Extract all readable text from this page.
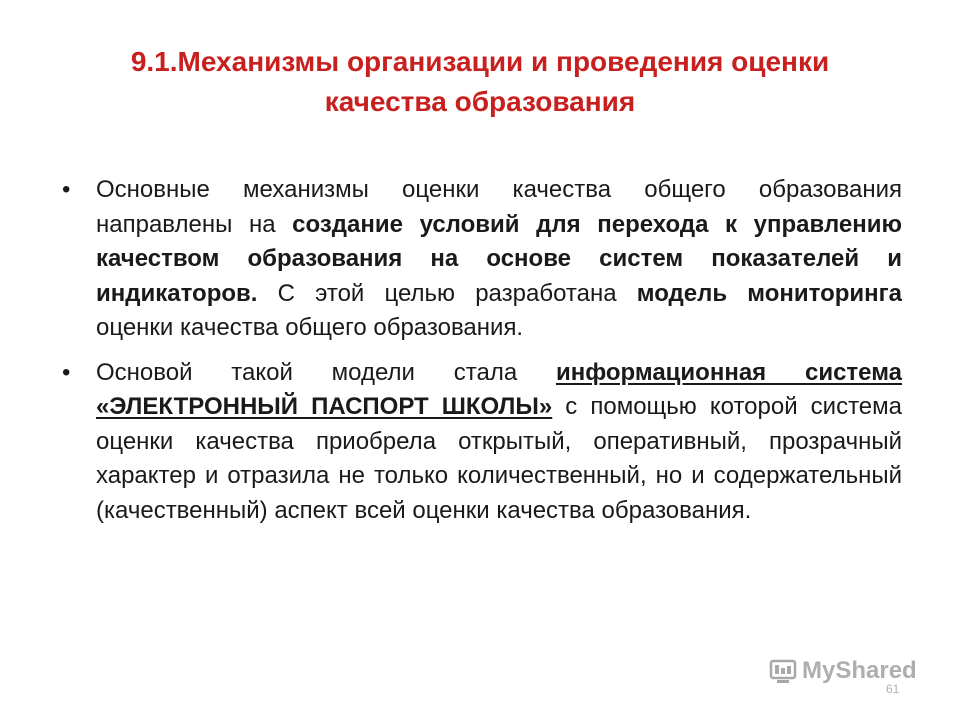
9.1.Механизмы организации и проведения оценки
качества образования
• Основные механизмы оценки качества общего образования направлены на создание условий для перехода к управлению качеством образования на основе систем показателей и индикаторов. С этой целью разработана модель мониторинга оценки качества общего образования.
• Основой такой модели стала информационная система «ЭЛЕКТРОННЫЙ ПАСПОРТ ШКОЛЫ» с помощью которой система оценки качества приобрела открытый, оперативный, прозрачный характер и отразила не только количественный, но и содержательный (качественный) аспект всей оценки качества образования.
MyShared
61
